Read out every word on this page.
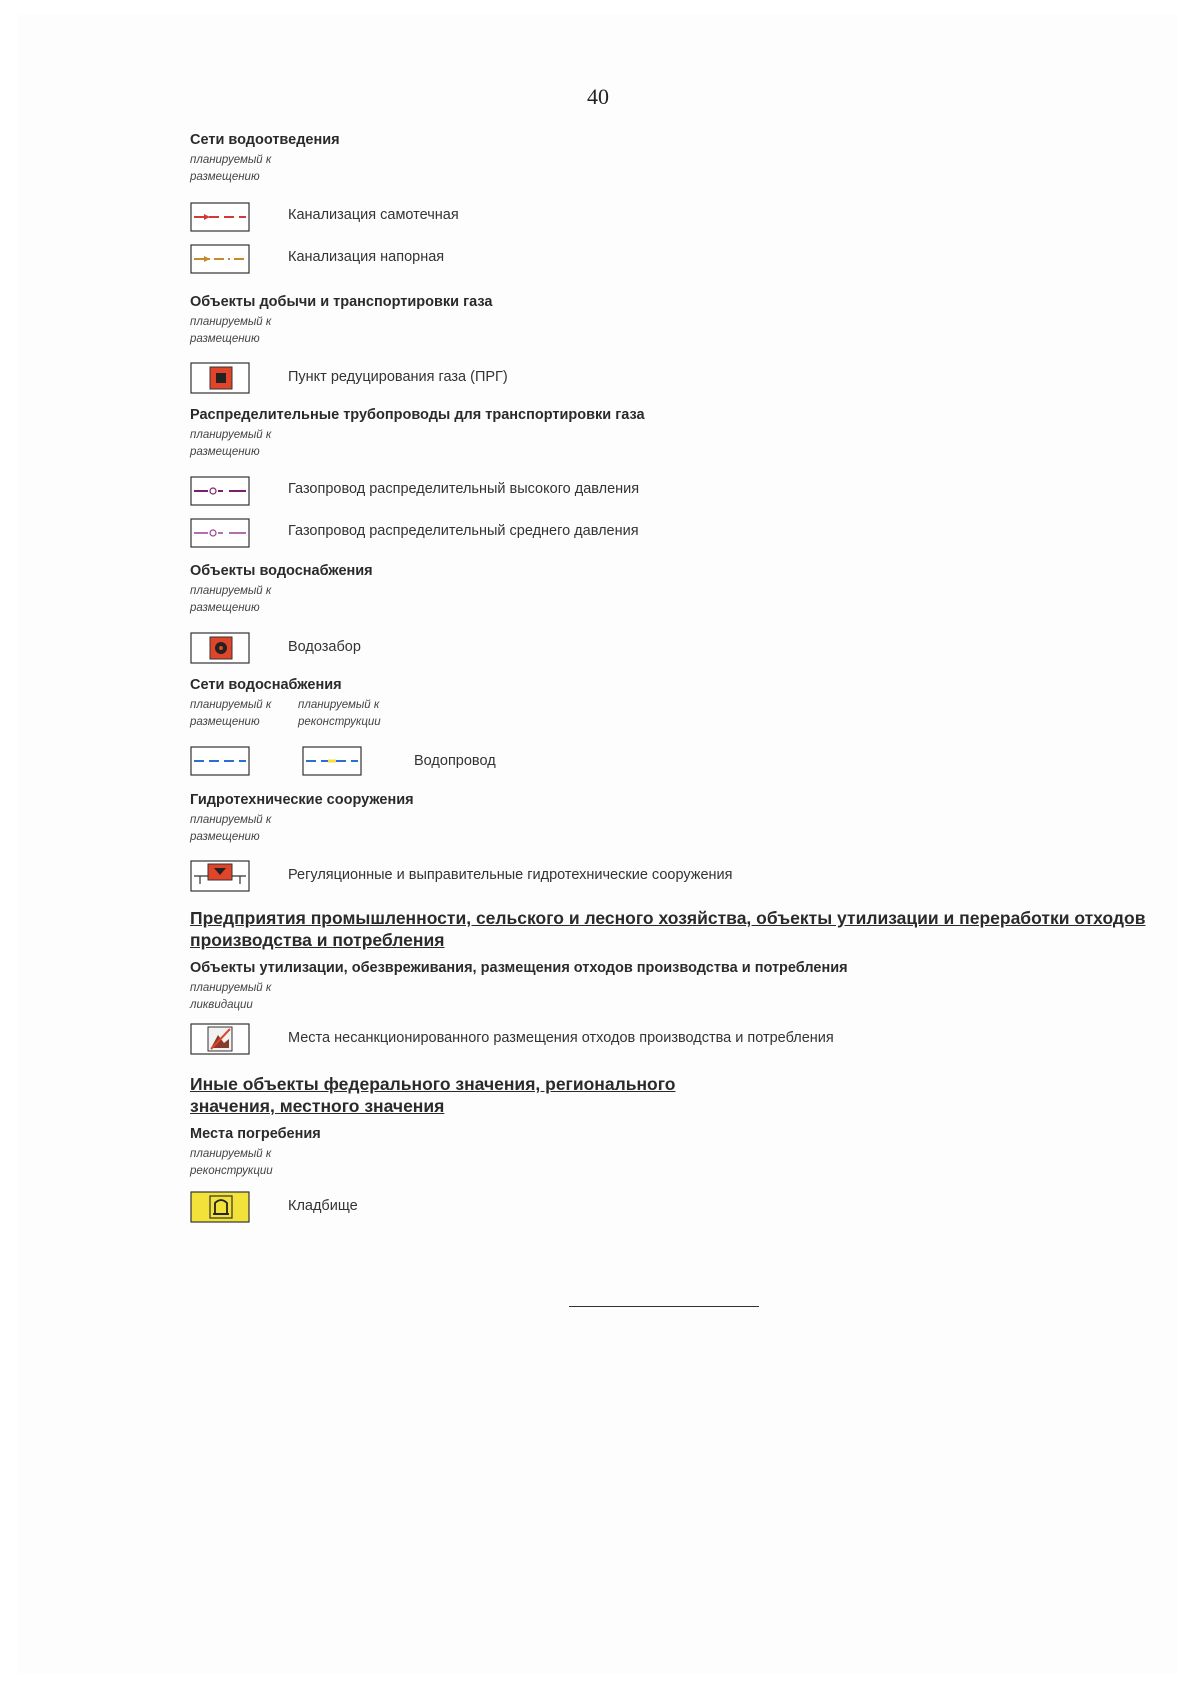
40
Сети водоотведения
планируемый к размещению
Канализация самотечная
Канализация напорная
Объекты добычи и транспортировки газа
планируемый к размещению
Пункт редуцирования газа (ПРГ)
Распределительные трубопроводы для транспортировки газа
планируемый к размещению
Газопровод распределительный высокого давления
Газопровод распределительный среднего давления
Объекты водоснабжения
планируемый к размещению
Водозабор
Сети водоснабжения
планируемый к размещению
планируемый к реконструкции
Водопровод
Гидротехнические сооружения
планируемый к размещению
Регуляционные и выправительные гидротехнические сооружения
Предприятия промышленности, сельского и лесного хозяйства, объекты утилизации и переработки отходов производства и потребления
Объекты утилизации, обезвреживания, размещения отходов производства и потребления
планируемый к ликвидации
Места несанкционированного размещения отходов производства и потребления
Иные объекты федерального значения, регионального значения, местного значения
Места погребения
планируемый к реконструкции
Кладбище
